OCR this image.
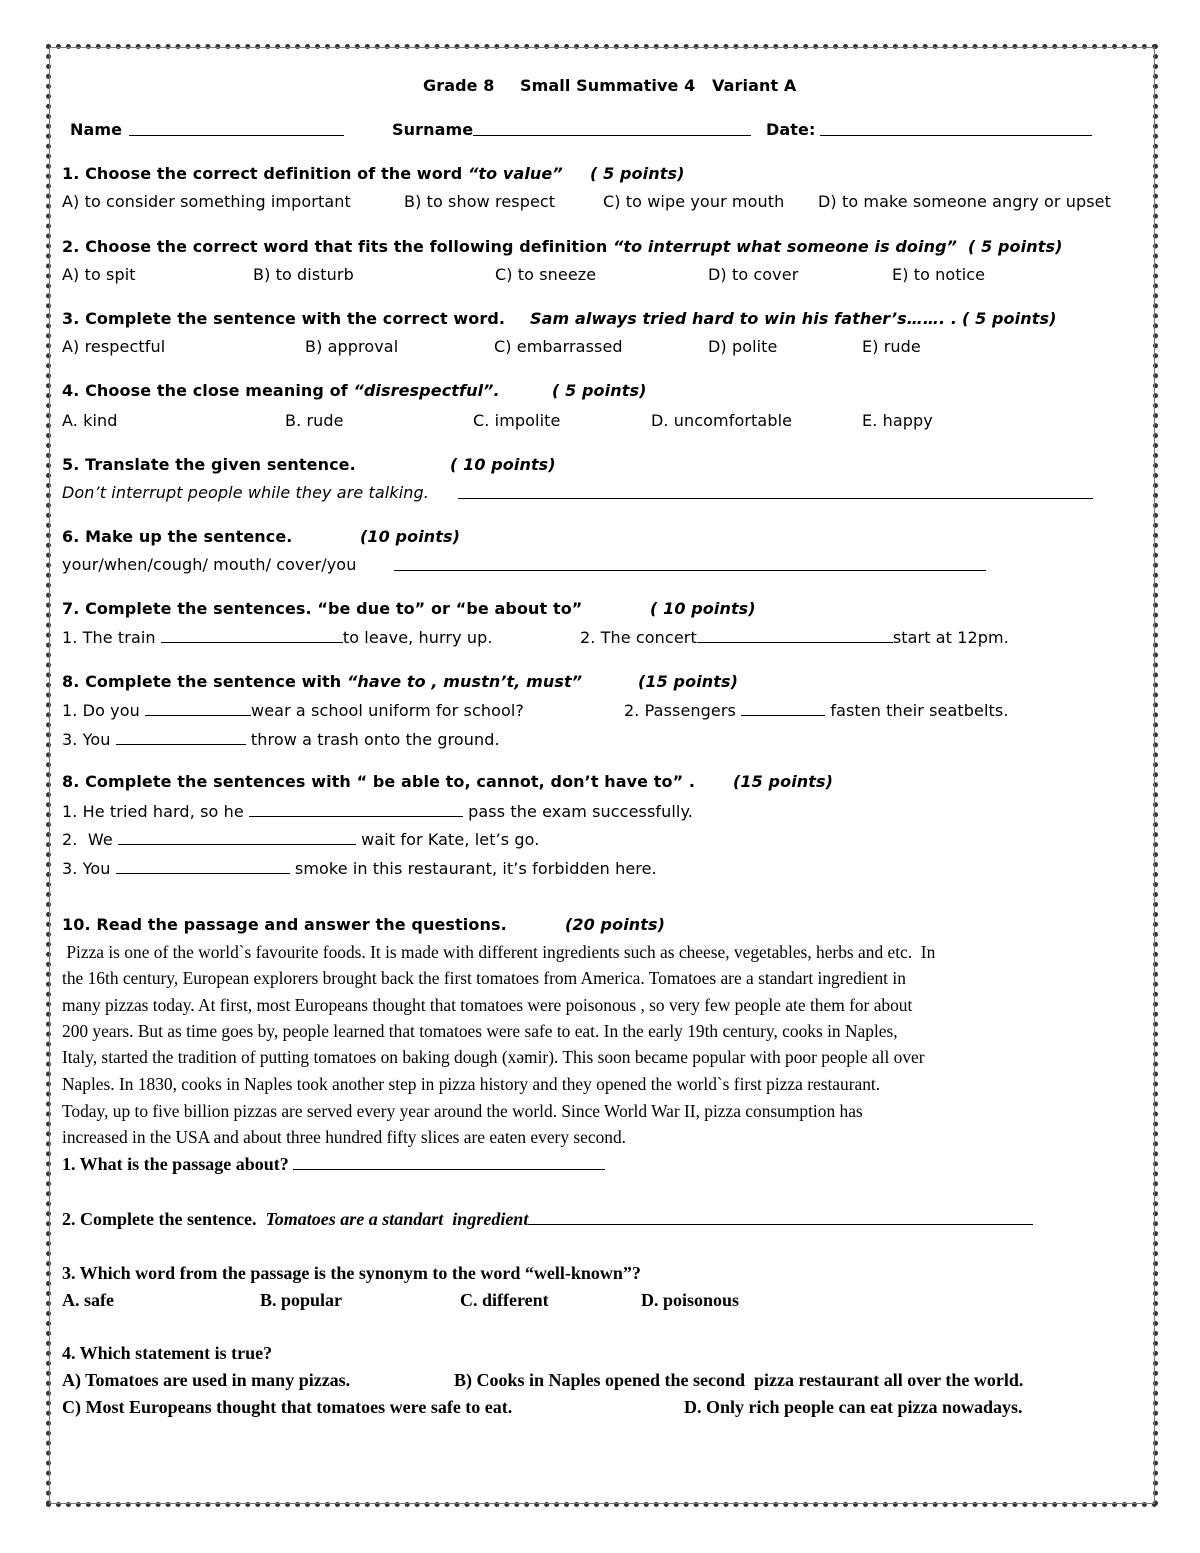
Grade 8 Small Summative 4 Variant A
Name	Surname	Date:
1. Choose the correct definition of the word “to value” ( 5 points)
A) to consider something important	B) to show respect	C) to wipe your mouth D) to make someone angry or upset
2. Choose the correct word that fits the following definition “to interrupt what someone is doing” ( 5 points)
A) to spit	B) to disturb	C) to sneeze	D) to cover	E) to notice
3. Complete the sentence with the correct word. Sam always tried hard to win his father’s……. . ( 5 points)
A) respectful	B) approval	C) embarrassed	D) polite	E) rude
4. Choose the close meaning of “disrespectful”.	( 5 points)
A. kind	B. rude	C. impolite	D. uncomfortable	E. happy
5. Translate the given sentence.	( 10 points)
Don’t interrupt people while they are talking.
6. Make up the sentence.	(10 points)
your/when/cough/ mouth/ cover/you
7. Complete the sentences. “be due to” or “be about to”	( 10 points)
1. The train	to leave, hurry up.	2. The concert	start at 12pm.
8. Complete the sentence with “have to , mustn’t, must”	(15 points)
1. Do you	wear a school uniform for school?	2. Passengers	fasten their seatbelts.
3. You	throw a trash onto the ground.
8. Complete the sentences with “ be able to, cannot, don’t have to” . (15 points)
1. He tried hard, so he	pass the exam successfully.
2.  We	wait for Kate, let’s go.
3. You	smoke in this restaurant, it’s forbidden here.
10. Read the passage and answer the questions.	(20 points)
Pizza is one of the world`s favourite foods. It is made with different ingredients such as cheese, vegetables, herbs and etc.  In
the 16th century, European explorers brought back the first tomatoes from America. Tomatoes are a standart ingredient in
many pizzas today. At first, most Europeans thought that tomatoes were poisonous , so very few people ate them for about
200 years. But as time goes by, people learned that tomatoes were safe to eat. In the early 19th century, cooks in Naples,
Italy, started the tradition of putting tomatoes on baking dough (xəmir). This soon became popular with poor people all over
Naples. In 1830, cooks in Naples took another step in pizza history and they opened the world`s first pizza restaurant.
Today, up to five billion pizzas are served every year around the world. Since World War II, pizza consumption has
increased in the USA and about three hundred fifty slices are eaten every second.
1. What is the passage about?
2. Complete the sentence.  Tomatoes are a standart  ingredient
3. Which word from the passage is the synonym to the word “well-known”?
A. safe	B. popular	C. different	D. poisonous
4. Which statement is true?
A) Tomatoes are used in many pizzas.	B) Cooks in Naples opened the second  pizza restaurant all over the world.
C) Most Europeans thought that tomatoes were safe to eat.	D. Only rich people can eat pizza nowadays.
